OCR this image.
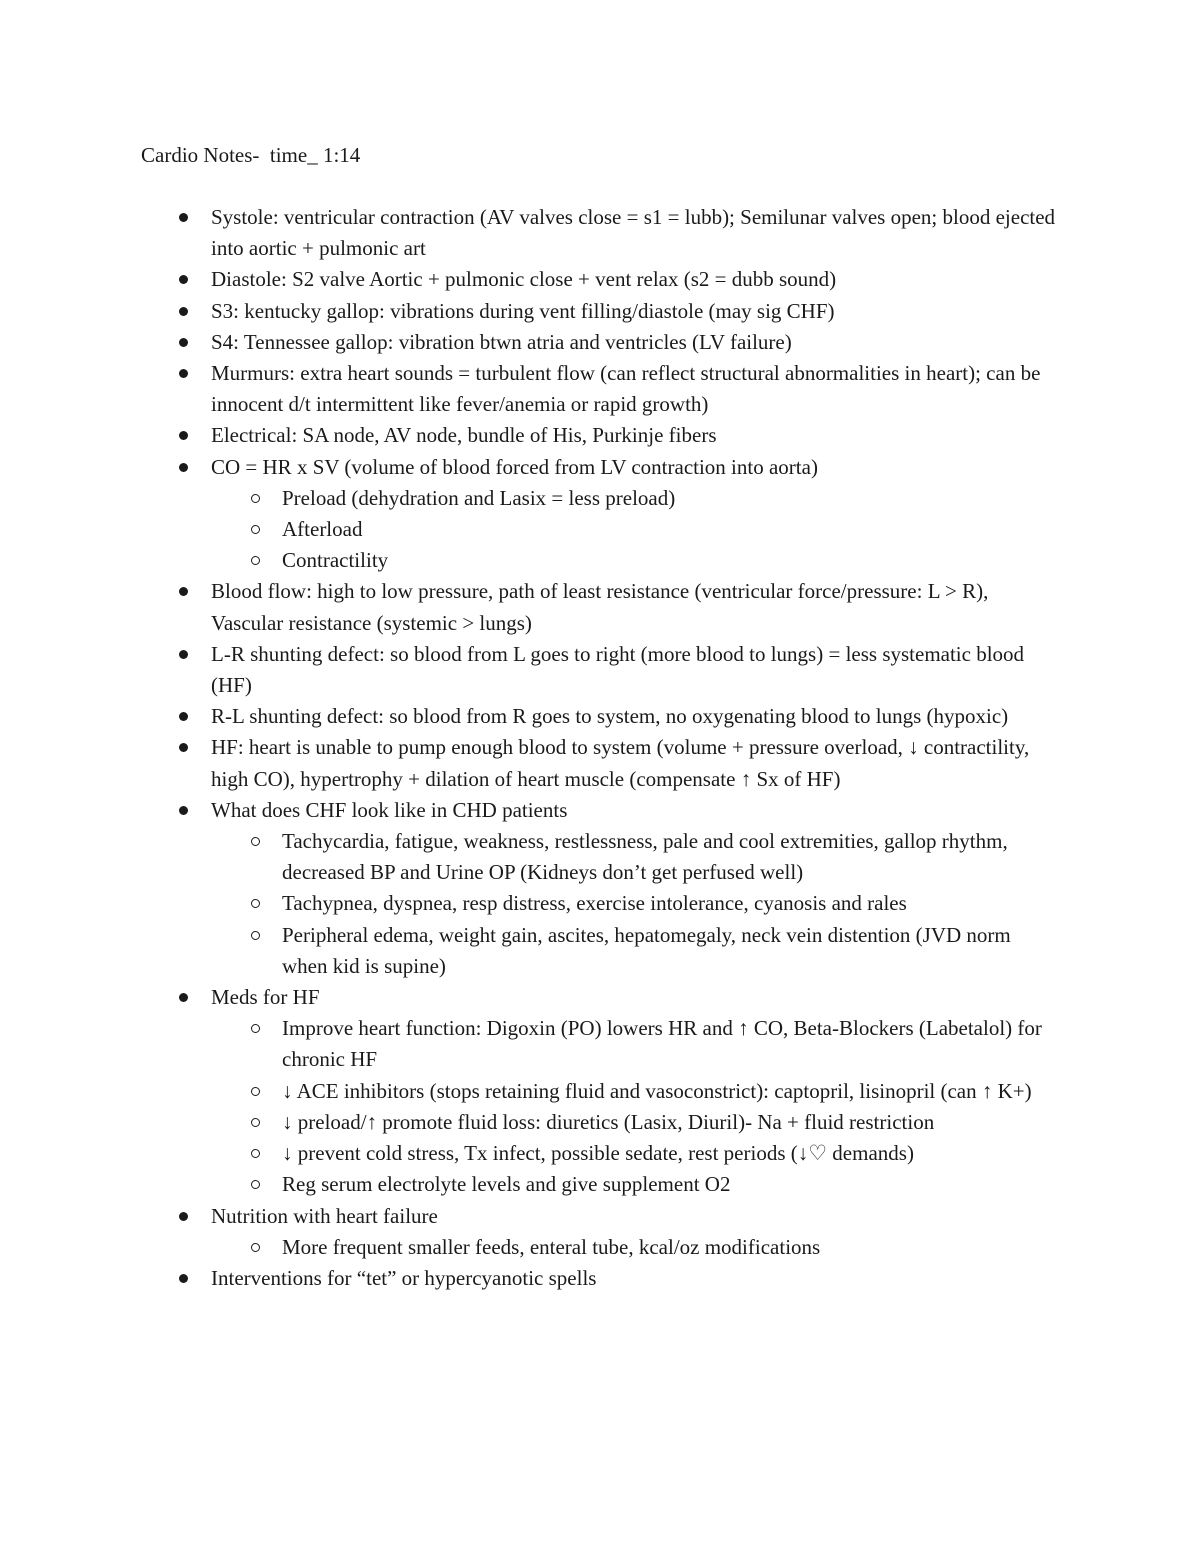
Cardio Notes-  time_ 1:14
Systole: ventricular contraction (AV valves close = s1 = lubb); Semilunar valves open; blood ejected into aortic + pulmonic art
Diastole: S2 valve Aortic + pulmonic close + vent relax (s2 = dubb sound)
S3: kentucky gallop: vibrations during vent filling/diastole (may sig CHF)
S4: Tennessee gallop: vibration btwn atria and ventricles (LV failure)
Murmurs: extra heart sounds = turbulent flow (can reflect structural abnormalities in heart); can be innocent d/t intermittent like fever/anemia or rapid growth)
Electrical: SA node, AV node, bundle of His, Purkinje fibers
CO = HR x SV (volume of blood forced from LV contraction into aorta)
Preload (dehydration and Lasix = less preload)
Afterload
Contractility
Blood flow: high to low pressure, path of least resistance (ventricular force/pressure: L > R), Vascular resistance (systemic > lungs)
L-R shunting defect: so blood from L goes to right (more blood to lungs) = less systematic blood (HF)
R-L shunting defect: so blood from R goes to system, no oxygenating blood to lungs (hypoxic)
HF: heart is unable to pump enough blood to system (volume + pressure overload, ↓ contractility, high CO), hypertrophy + dilation of heart muscle (compensate ↑ Sx of HF)
What does CHF look like in CHD patients
Tachycardia, fatigue, weakness, restlessness, pale and cool extremities, gallop rhythm, decreased BP and Urine OP (Kidneys don’t get perfused well)
Tachypnea, dyspnea, resp distress, exercise intolerance, cyanosis and rales
Peripheral edema, weight gain, ascites, hepatomegaly, neck vein distention (JVD norm when kid is supine)
Meds for HF
Improve heart function: Digoxin (PO) lowers HR and ↑ CO, Beta-Blockers (Labetalol) for chronic HF
↓ ACE inhibitors (stops retaining fluid and vasoconstrict): captopril, lisinopril (can ↑ K+)
↓ preload/↑ promote fluid loss: diuretics (Lasix, Diuril)- Na + fluid restriction
↓ prevent cold stress, Tx infect, possible sedate, rest periods (↓♡ demands)
Reg serum electrolyte levels and give supplement O2
Nutrition with heart failure
More frequent smaller feeds, enteral tube, kcal/oz modifications
Interventions for “tet” or hypercyanotic spells
